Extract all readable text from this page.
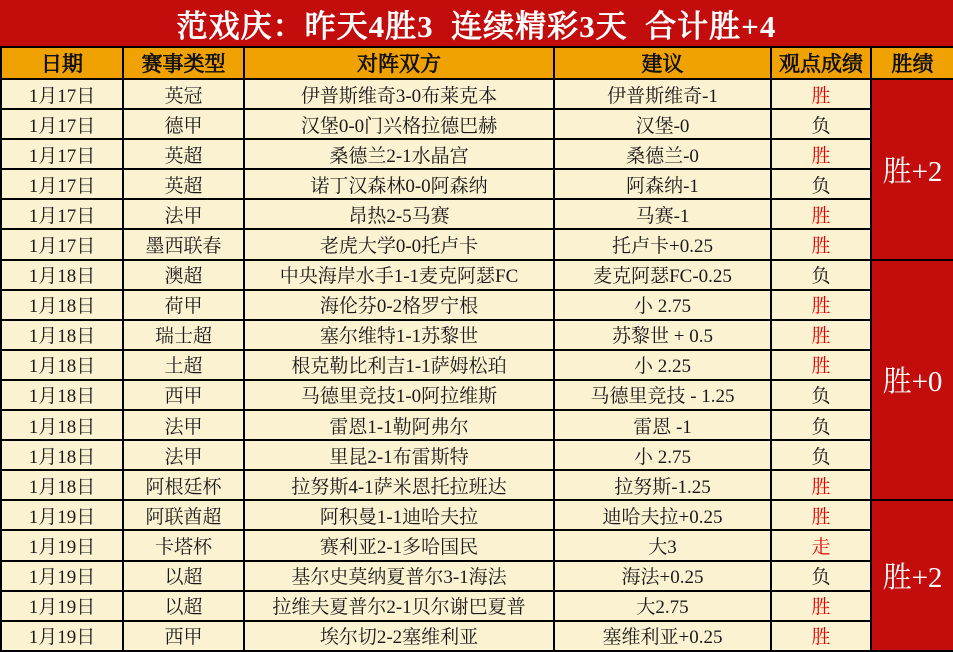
范戏庆：昨天4胜3  连续精彩3天  合计胜+4
日期	赛事类型	对阵双方	建议	观点成绩	胜绩
1月17日	英冠	伊普斯维奇3-0布莱克本	伊普斯维奇-1	胜	胜+2
1月17日	德甲	汉堡0-0门兴格拉德巴赫	汉堡-0	负	
1月17日	英超	桑德兰2-1水晶宫	桑德兰-0	胜	
1月17日	英超	诺丁汉森林0-0阿森纳	阿森纳-1	负	
1月17日	法甲	昂热2-5马赛	马赛-1	胜	
1月17日	墨西联春	老虎大学0-0托卢卡	托卢卡+0.25	胜	
1月18日	澳超	中央海岸水手1-1麦克阿瑟FC	麦克阿瑟FC-0.25	负	胜+0
1月18日	荷甲	海伦芬0-2格罗宁根	小 2.75	胜	
1月18日	瑞士超	塞尔维特1-1苏黎世	苏黎世 + 0.5	胜	
1月18日	土超	根克勒比利吉1-1萨姆松珀	小 2.25	胜	
1月18日	西甲	马德里竞技1-0阿拉维斯	马德里竞技 - 1.25	负	
1月18日	法甲	雷恩1-1勒阿弗尔	雷恩 -1	负	
1月18日	法甲	里昆2-1布雷斯特	小 2.75	负	
1月18日	阿根廷杯	拉努斯4-1萨米恩托拉班达	拉努斯-1.25	胜	
1月19日	阿联酋超	阿积曼1-1迪哈夫拉	迪哈夫拉+0.25	胜	胜+2
1月19日	卡塔杯	赛利亚2-1多哈国民	大3	走	
1月19日	以超	基尔史莫纳夏普尔3-1海法	海法+0.25	负	
1月19日	以超	拉维夫夏普尔2-1贝尔谢巴夏普	大2.75	胜	
1月19日	西甲	埃尔切2-2塞维利亚	塞维利亚+0.25	胜	
